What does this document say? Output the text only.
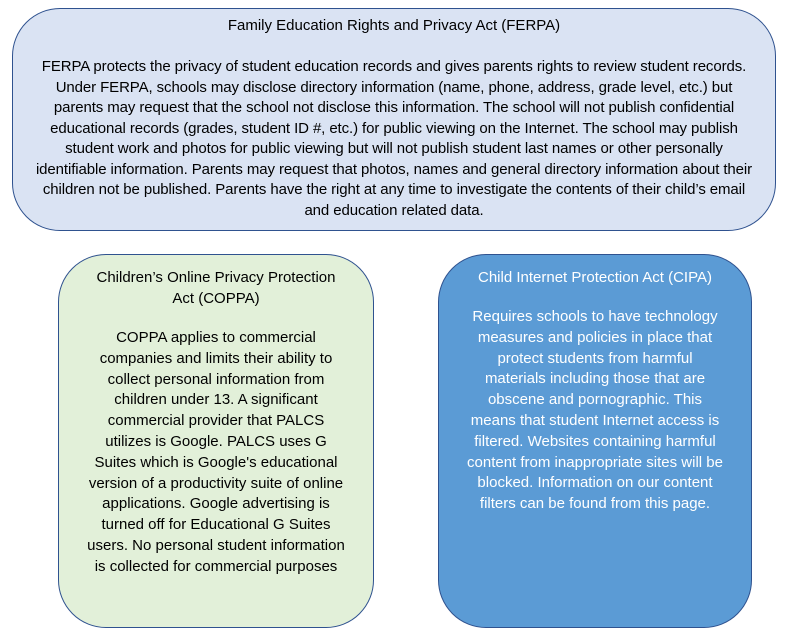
Family Education Rights and Privacy Act (FERPA)

FERPA protects the privacy of student education records and gives parents rights to review student records. Under FERPA, schools may disclose directory information (name, phone, address, grade level, etc.) but parents may request that the school not disclose this information. The school will not publish confidential educational records (grades, student ID #, etc.) for public viewing on the Internet. The school may publish student work and photos for public viewing but will not publish student last names or other personally identifiable information. Parents may request that photos, names and general directory information about their children not be published. Parents have the right at any time to investigate the contents of their child’s email and education related data.

Children’s Online Privacy Protection Act (COPPA)

COPPA applies to commercial companies and limits their ability to collect personal information from children under 13. A significant commercial provider that PALCS utilizes is Google. PALCS uses G Suites which is Google's educational version of a productivity suite of online applications. Google advertising is turned off for Educational G Suites users. No personal student information is collected for commercial purposes

Child Internet Protection Act (CIPA)

Requires schools to have technology measures and policies in place that protect students from harmful materials including those that are obscene and pornographic. This means that student Internet access is filtered. Websites containing harmful content from inappropriate sites will be blocked. Information on our content filters can be found from this page.
